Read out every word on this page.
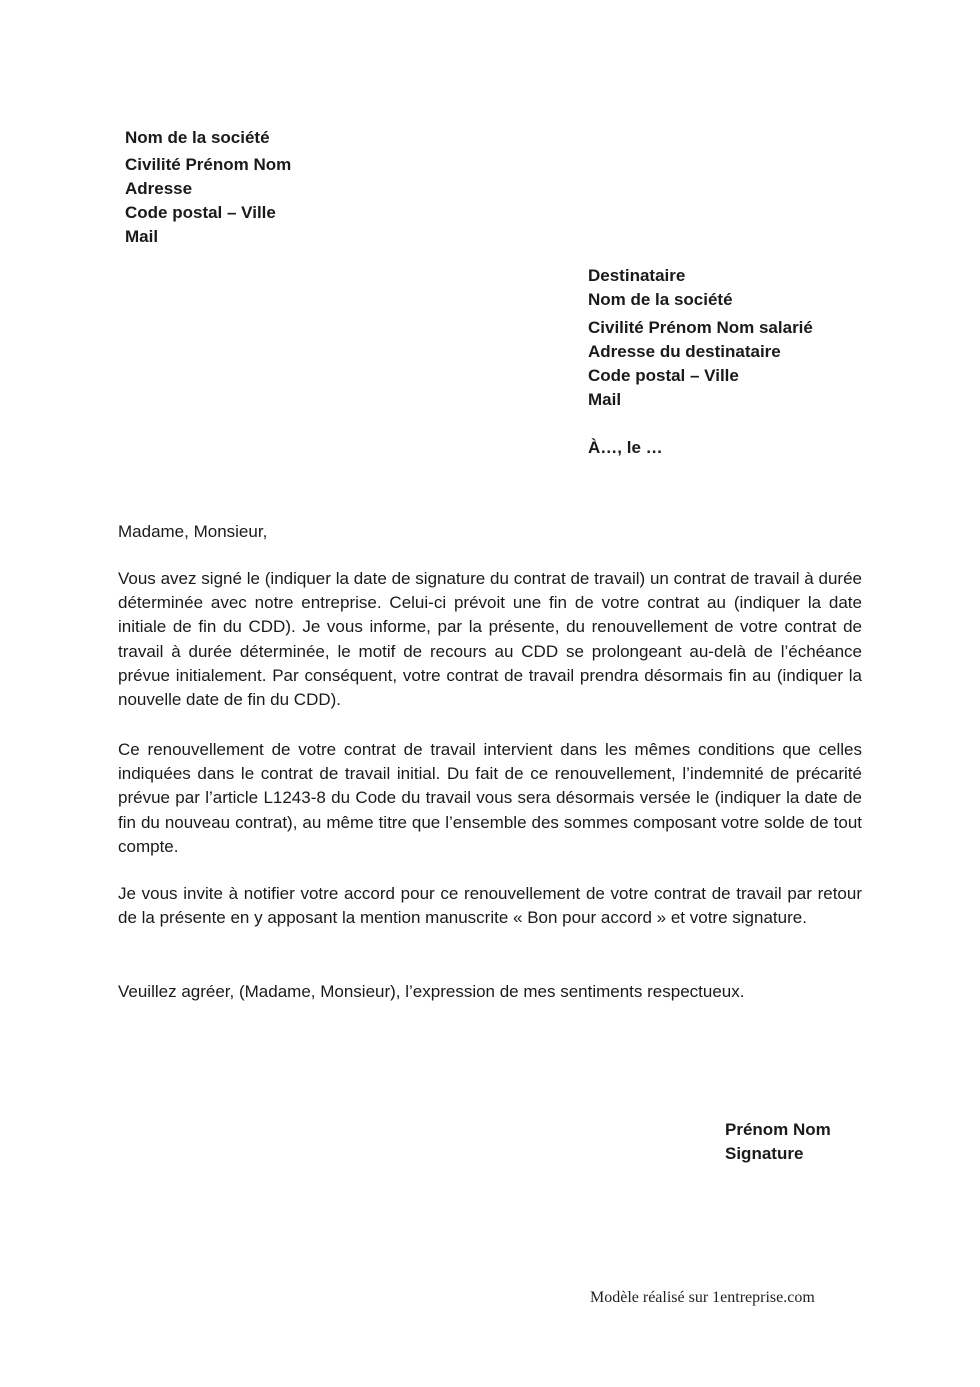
Nom de la société
Civilité Prénom Nom
Adresse
Code postal – Ville
Mail
Destinataire
Nom de la société
Civilité Prénom Nom salarié
Adresse du destinataire
Code postal – Ville
Mail
À…, le …
Madame, Monsieur,

Vous avez signé le (indiquer la date de signature du contrat de travail) un contrat de travail à durée déterminée avec notre entreprise. Celui-ci prévoit une fin de votre contrat au (indiquer la date initiale de fin du CDD). Je vous informe, par la présente, du renouvellement de votre contrat de travail à durée déterminée, le motif de recours au CDD se prolongeant au-delà de l’échéance prévue initialement. Par conséquent, votre contrat de travail prendra désormais fin au (indiquer la nouvelle date de fin du CDD).

Ce renouvellement de votre contrat de travail intervient dans les mêmes conditions que celles indiquées dans le contrat de travail initial. Du fait de ce renouvellement, l’indemnité de précarité prévue par l’article L1243-8 du Code du travail vous sera désormais versée le (indiquer la date de fin du nouveau contrat), au même titre que l’ensemble des sommes composant votre solde de tout compte.

Je vous invite à notifier votre accord pour ce renouvellement de votre contrat de travail par retour de la présente en y apposant la mention manuscrite « Bon pour accord » et votre signature.

Veuillez agréer, (Madame, Monsieur), l’expression de mes sentiments respectueux.

Prénom Nom
Signature
Modèle réalisé sur 1entreprise.com
